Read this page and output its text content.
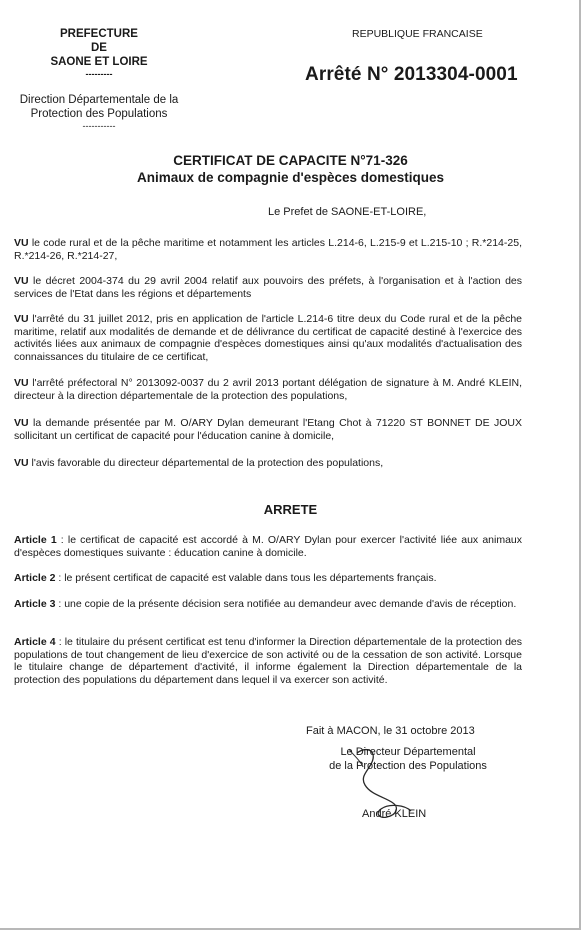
PREFECTURE
DE
SAONE ET LOIRE
---------
Direction Départementale de la
Protection des Populations
-----------
REPUBLIQUE FRANCAISE
Arrêté N° 2013304-0001
CERTIFICAT DE CAPACITE N°71-326
Animaux de compagnie d'espèces domestiques
Le Prefet de SAONE-ET-LOIRE,
VU le code rural et de la pêche maritime et notamment les articles L.214-6, L.215-9 et L.215-10 ; R.*214-25, R.*214-26, R.*214-27,
VU le décret 2004-374 du 29 avril 2004 relatif aux pouvoirs des préfets, à l'organisation et à l'action des services de l'Etat dans les régions et départements
VU l'arrêté du 31 juillet 2012, pris en application de l'article L.214-6 titre deux du Code rural et de la pêche maritime, relatif aux modalités de demande et de délivrance du certificat de capacité destiné à l'exercice des activités liées aux animaux de compagnie d'espèces domestiques ainsi qu'aux modalités d'actualisation des connaissances du titulaire de ce certificat,
VU l'arrêté préfectoral N° 2013092-0037 du 2 avril 2013 portant délégation de signature à M. André KLEIN, directeur à la direction départementale de la protection des populations,
VU la demande présentée par M. O/ARY Dylan demeurant l'Etang Chot à 71220 ST BONNET DE JOUX sollicitant un certificat de capacité pour l'éducation canine à domicile,
VU l'avis favorable du directeur départemental de la protection des populations,
ARRETE
Article 1 : le certificat de capacité est accordé à M. O/ARY Dylan pour exercer l'activité liée aux animaux d'espèces domestiques suivante : éducation canine à domicile.
Article 2 : le présent certificat de capacité est valable dans tous les départements français.
Article 3 : une copie de la présente décision sera notifiée au demandeur avec demande d'avis de réception.
Article 4 : le titulaire du présent certificat est tenu d'informer la Direction départementale de la protection des populations de tout changement de lieu d'exercice de son activité ou de la cessation de son activité. Lorsque le titulaire change de département d'activité, il informe également la Direction départementale de la protection des populations du département dans lequel il va exercer son activité.
Fait à MACON, le 31 octobre 2013
Le Directeur Départemental
de la Protection des Populations
André KLEIN
